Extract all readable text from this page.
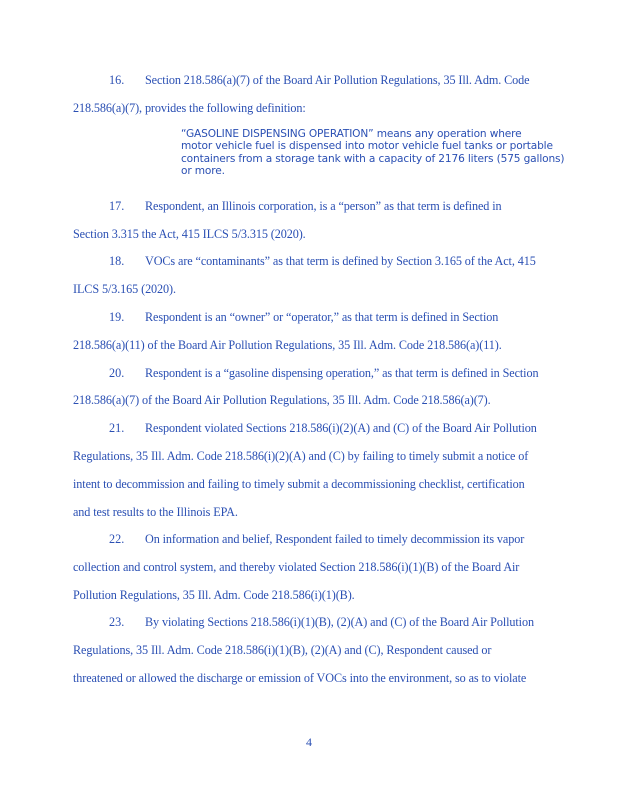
16. Section 218.586(a)(7) of the Board Air Pollution Regulations, 35 Ill. Adm. Code
218.586(a)(7), provides the following definition:
“GASOLINE DISPENSING OPERATION” means any operation where
motor vehicle fuel is dispensed into motor vehicle fuel tanks or portable
containers from a storage tank with a capacity of 2176 liters (575 gallons)
or more.
17. Respondent, an Illinois corporation, is a “person” as that term is defined in
Section 3.315 the Act, 415 ILCS 5/3.315 (2020).
18. VOCs are “contaminants” as that term is defined by Section 3.165 of the Act, 415
ILCS 5/3.165 (2020).
19. Respondent is an “owner” or “operator,” as that term is defined in Section
218.586(a)(11) of the Board Air Pollution Regulations, 35 Ill. Adm. Code 218.586(a)(11).
20. Respondent is a “gasoline dispensing operation,” as that term is defined in Section
218.586(a)(7) of the Board Air Pollution Regulations, 35 Ill. Adm. Code 218.586(a)(7).
21. Respondent violated Sections 218.586(i)(2)(A) and (C) of the Board Air Pollution
Regulations, 35 Ill. Adm. Code 218.586(i)(2)(A) and (C) by failing to timely submit a notice of
intent to decommission and failing to timely submit a decommissioning checklist, certification
and test results to the Illinois EPA.
22. On information and belief, Respondent failed to timely decommission its vapor
collection and control system, and thereby violated Section 218.586(i)(1)(B) of the Board Air
Pollution Regulations, 35 Ill. Adm. Code 218.586(i)(1)(B).
23. By violating Sections 218.586(i)(1)(B), (2)(A) and (C) of the Board Air Pollution
Regulations, 35 Ill. Adm. Code 218.586(i)(1)(B), (2)(A) and (C), Respondent caused or
threatened or allowed the discharge or emission of VOCs into the environment, so as to violate
4
